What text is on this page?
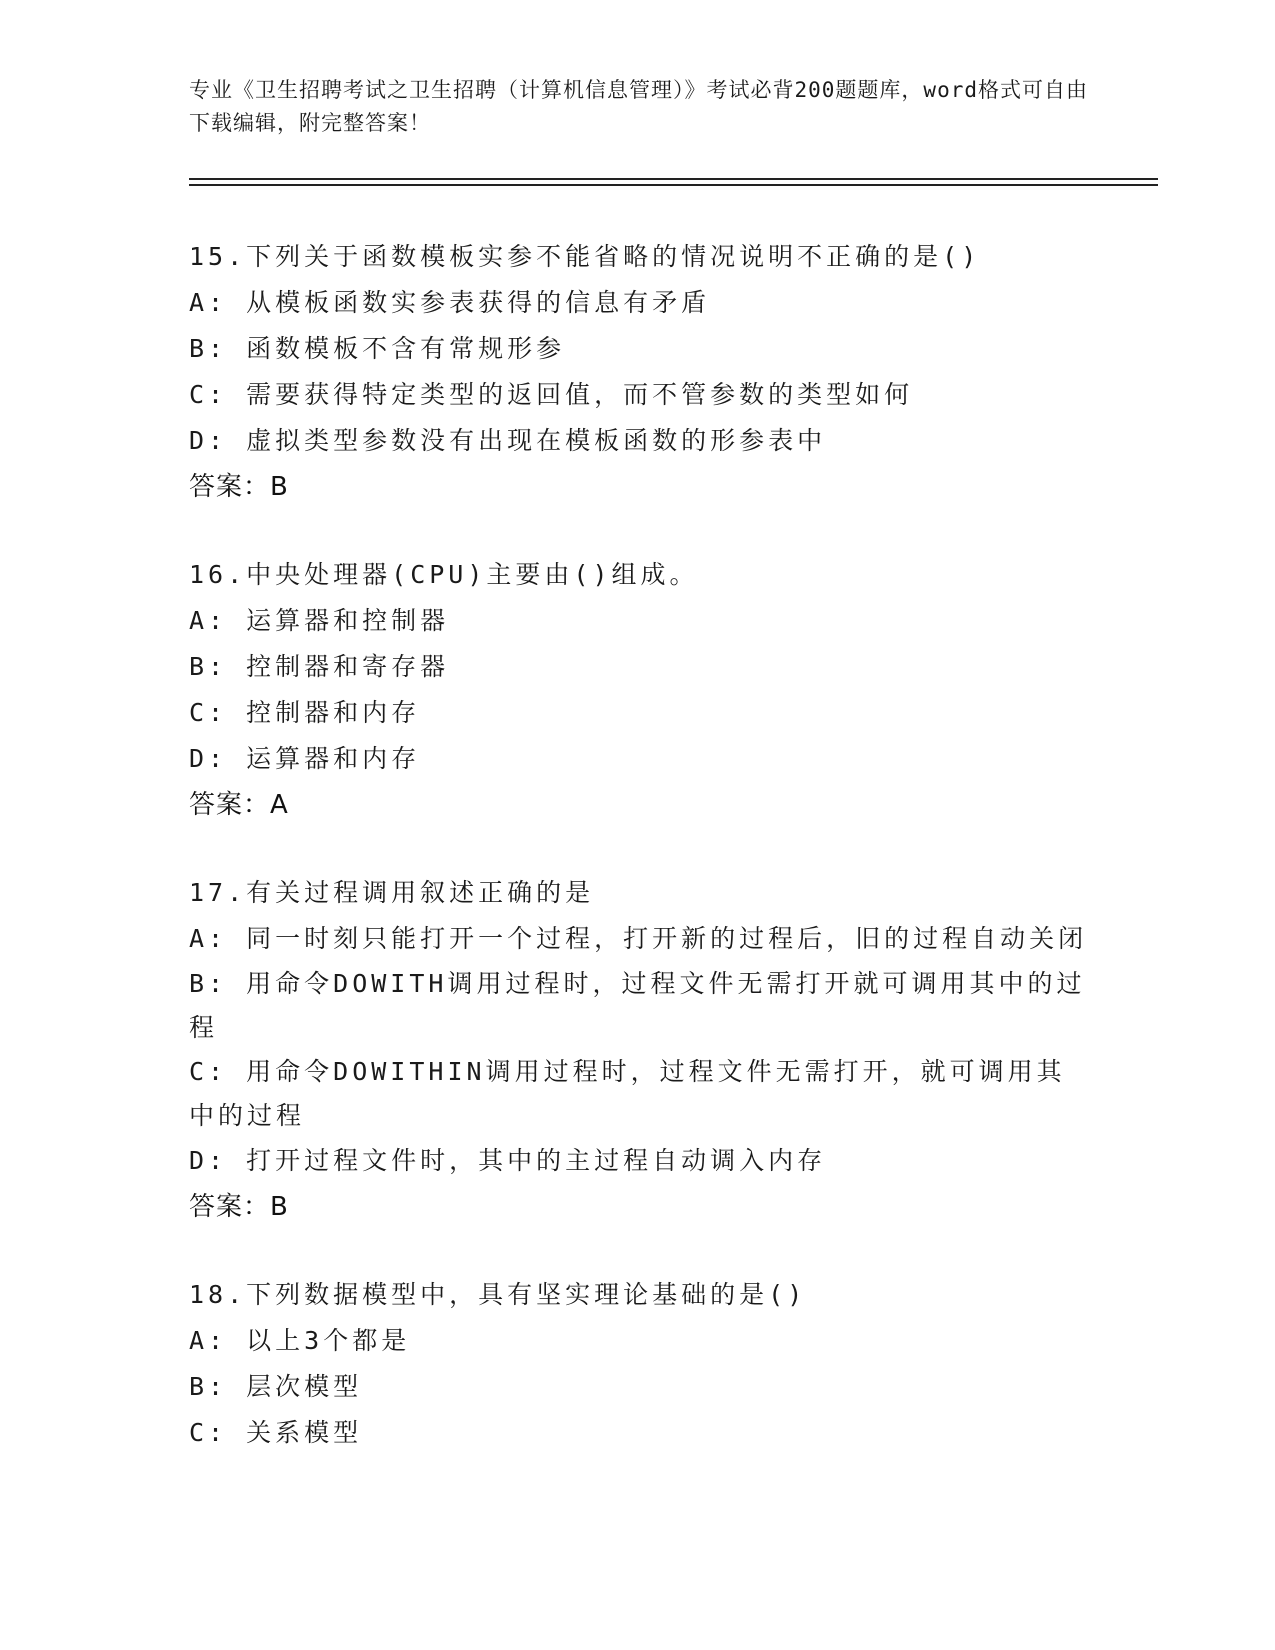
专业《卫生招聘考试之卫生招聘（计算机信息管理）》考试必背200题题库，word格式可自由下载编辑，附完整答案！
15.下列关于函数模板实参不能省略的情况说明不正确的是()
A: 从模板函数实参表获得的信息有矛盾
B: 函数模板不含有常规形参
C: 需要获得特定类型的返回值，而不管参数的类型如何
D: 虚拟类型参数没有出现在模板函数的形参表中
答案：B
16.中央处理器(CPU)主要由()组成。
A: 运算器和控制器
B: 控制器和寄存器
C: 控制器和内存
D: 运算器和内存
答案：A
17.有关过程调用叙述正确的是
A: 同一时刻只能打开一个过程，打开新的过程后，旧的过程自动关闭
B: 用命令DOWITH调用过程时，过程文件无需打开就可调用其中的过程
C: 用命令DOWITHIN调用过程时，过程文件无需打开，就可调用其中的过程
D: 打开过程文件时，其中的主过程自动调入内存
答案：B
18.下列数据模型中，具有坚实理论基础的是()
A: 以上3个都是
B: 层次模型
C: 关系模型
